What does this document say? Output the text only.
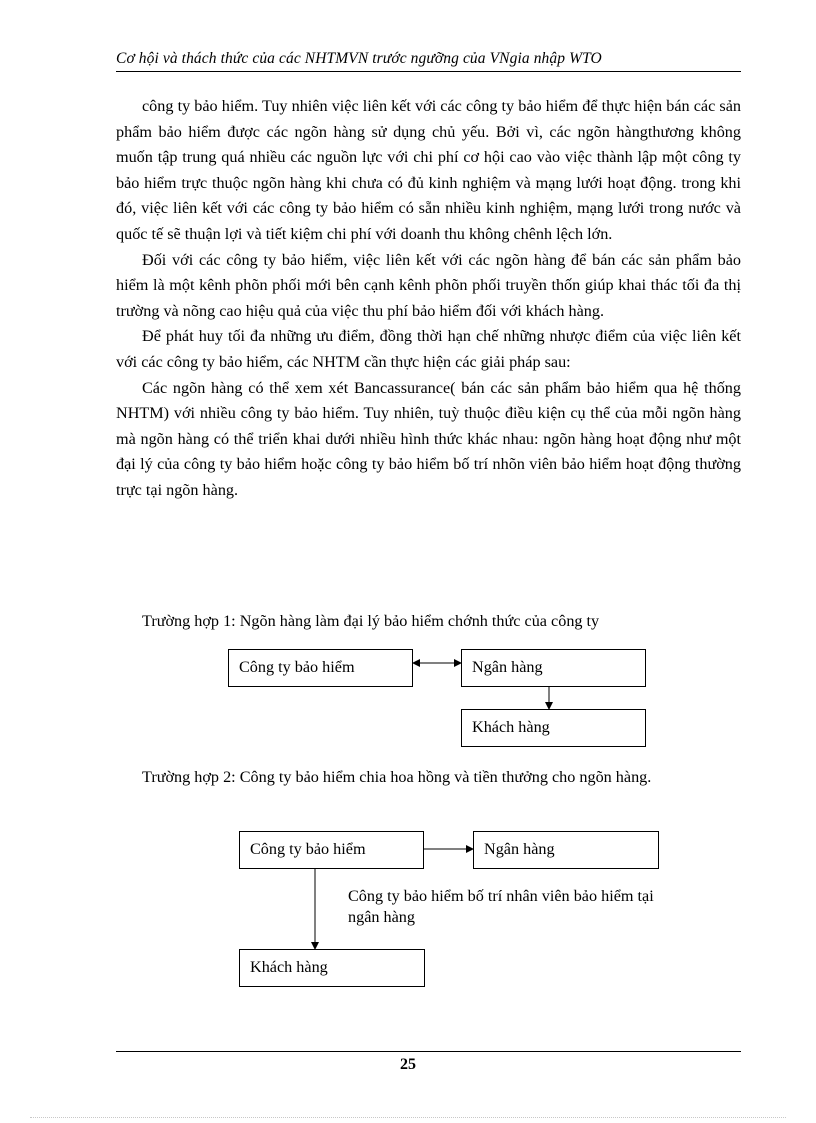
Cơ hội và thách thức của các NHTMVN trước ngưỡng của VNgia nhập WTO

công ty bảo hiểm. Tuy nhiên việc liên kết với các công ty bảo hiểm để thực hiện bán các sản phẩm bảo hiểm được các ngõn hàng sử dụng chủ yếu. Bởi vì, các ngõn hàngthương không muốn tập trung quá nhiều các nguồn lực với chi phí cơ hội cao vào việc thành lập một công ty bảo hiểm trực thuộc ngõn hàng khi chưa có đủ kinh nghiệm và mạng lưới hoạt động. trong khi đó, việc liên kết với các công ty bảo hiểm có sẵn nhiều kinh nghiệm, mạng lưới trong nước và quốc tế sẽ thuận lợi và tiết kiệm chi phí với doanh thu không chênh lệch lớn.

Đối với các công ty bảo hiểm, việc liên kết với các ngõn hàng để bán các sản phẩm bảo hiểm là một kênh phõn phối mới bên cạnh kênh phõn phối truyền thốn giúp khai thác tối đa thị trường và nõng cao hiệu quả của việc thu phí bảo hiểm đối với khách hàng.

Để phát huy tối đa những ưu điểm, đồng thời hạn chế những nhược điểm của việc liên kết với các công ty bảo hiểm, các NHTM cần thực hiện các giải pháp sau:

Các ngõn hàng có thể xem xét Bancassurance( bán các sản phẩm bảo hiểm qua hệ thống NHTM) với nhiều công ty bảo hiểm. Tuy nhiên, tuỳ thuộc điều kiện cụ thể của mỗi ngõn hàng mà ngõn hàng có thể triển khai dưới nhiều hình thức khác nhau: ngõn hàng hoạt động như một đại lý của công ty bảo hiểm hoặc công ty bảo hiểm bố trí nhõn viên bảo hiểm hoạt động thường trực tại ngõn hàng.

Trường hợp 1: Ngõn hàng làm đại lý bảo hiểm chớnh thức của công ty
Công ty bảo hiểm	Ngân hàng
Khách hàng
Trường hợp 2: Công ty bảo hiểm chia hoa hồng và tiền thưởng cho ngõn hàng.
Công ty bảo hiểm	Ngân hàng
Khách hàng
Công ty bảo hiểm bố trí nhân viên bảo hiểm tại ngân hàng
25
